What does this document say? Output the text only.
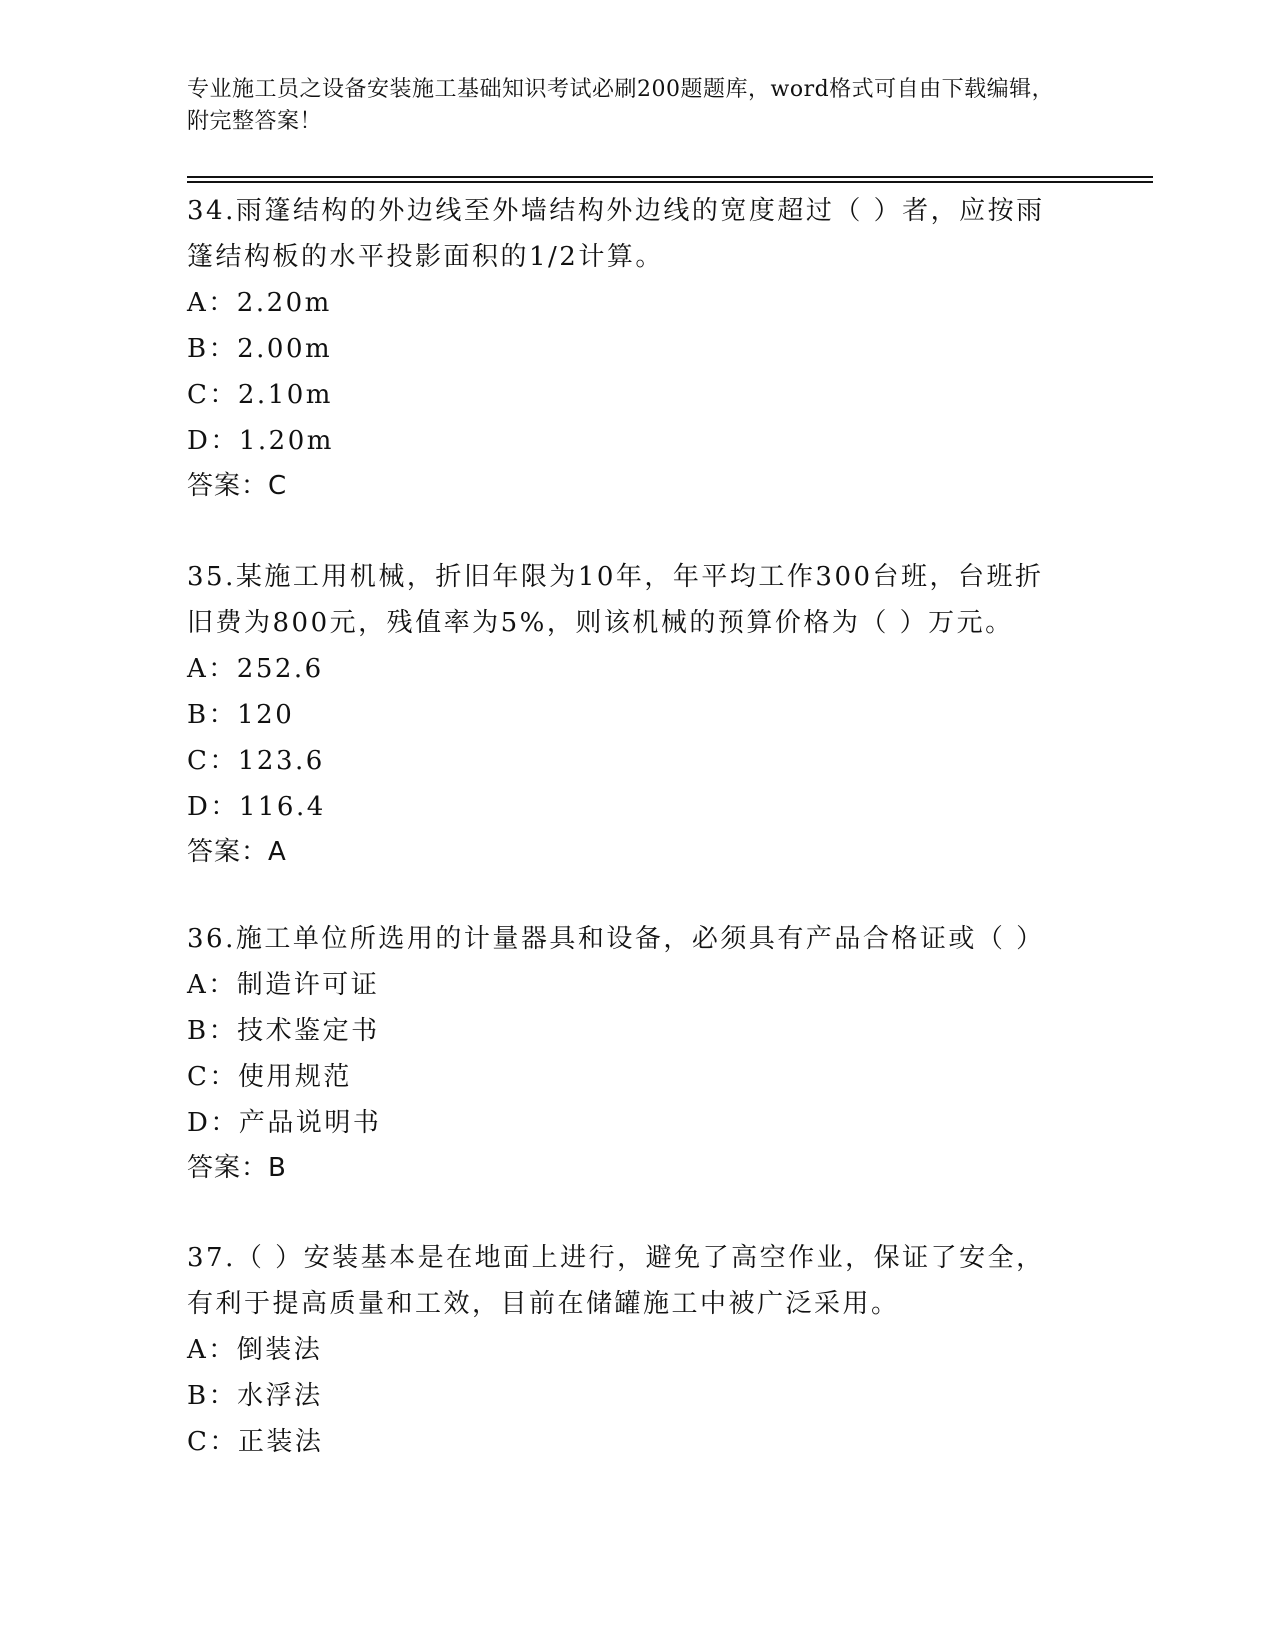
专业施工员之设备安装施工基础知识考试必刷200题题库，word格式可自由下载编辑，附完整答案！
34.雨篷结构的外边线至外墙结构外边线的宽度超过（ ）者，应按雨篷结构板的水平投影面积的1/2计算。
A：2.20m
B：2.00m
C：2.10m
D：1.20m
答案：C
35.某施工用机械，折旧年限为10年，年平均工作300台班，台班折旧费为800元，残值率为5%，则该机械的预算价格为（ ）万元。
A：252.6
B：120
C：123.6
D：116.4
答案：A
36.施工单位所选用的计量器具和设备，必须具有产品合格证或（ ）
A：制造许可证
B：技术鉴定书
C：使用规范
D：产品说明书
答案：B
37.（ ）安装基本是在地面上进行，避免了高空作业，保证了安全，有利于提高质量和工效，目前在储罐施工中被广泛采用。
A：倒装法
B：水浮法
C：正装法
